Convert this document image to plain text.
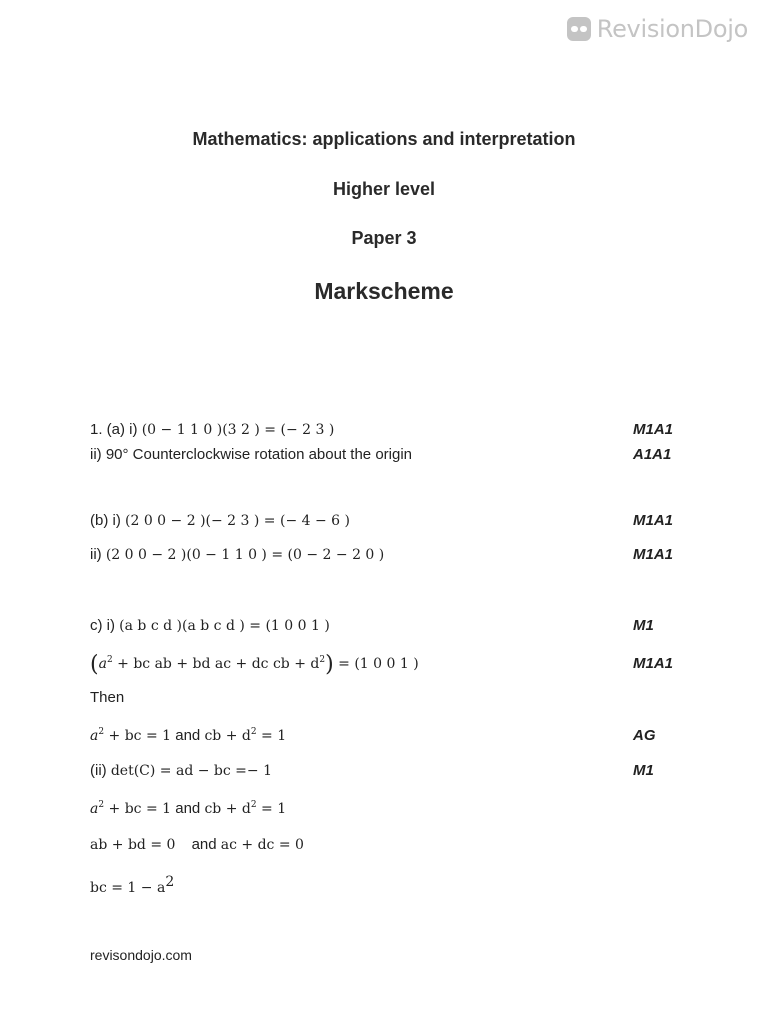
RevisionDojo
Mathematics: applications and interpretation
Higher level
Paper 3
Markscheme
1. (a) i) (0 − 1 1 0 )(3 2 ) = (− 2 3 )	M1A1
ii) 90° Counterclockwise rotation about the origin	A1A1
(b) i) (2 0 0 − 2 )(− 2 3 ) = (− 4 − 6 )	M1A1
ii) (2 0 0 − 2 )(0 − 1 1 0 ) = (0 − 2 − 2 0 )	M1A1
c) i) (a b c d )(a b c d ) = (1 0 0 1 )	M1
($a^2$ + bc ab + bd ac + dc cb + $d^2) = (1$ 0 0 1 )	M1A1
Then
$a^2$ + bc = 1 and cb + $d^2 = 1$	AG
(ii) det(C) = ad − bc =− 1	M1
$a^2$ + bc = 1 and cb + $d^2 = 1$
ab + bd = 0 and ac + dc = 0
bc = $1 - a^2$
revisondojo.com
